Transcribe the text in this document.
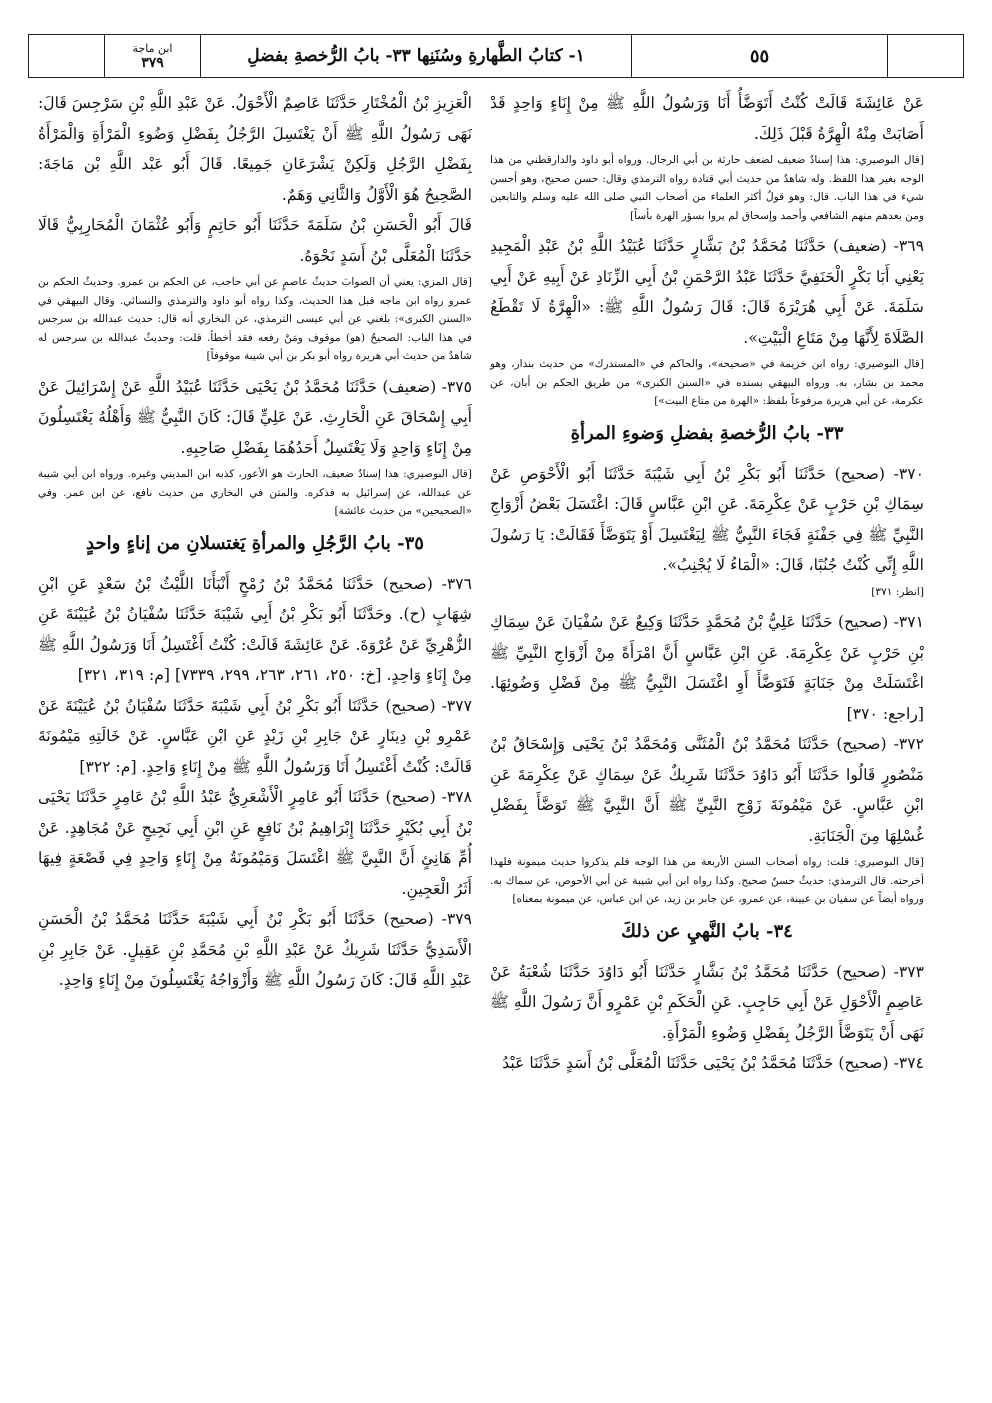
ابن ماجة
٣٧٩	١- كتابُ الطَّهارةِ وسُنَنِها ٣٣- بابُ الرُّخصةِ بفضلِ	٥٥

عَنْ عَائِشَةَ قَالَتْ كُنْتُ أَتَوَضَّأُ أَنَا وَرَسُولُ اللَّهِ ﷺ مِنْ إِنَاءٍ وَاحِدٍ قَدْ أَصَابَتْ مِنْهُ الْهِرَّةُ قَبْلَ ذَلِكَ.

[قال البوصيري: هذا إسنادٌ ضعيف لضعف حارثة بن أبي الرجال. ورواه أبو داود والدارقطني من هذا الوجه بغير هذا اللفظ. وله شاهدٌ من حديث أبي قتادة رواه الترمذي وقال: حسن صحيح، وهو أحسن شيء في هذا الباب. قال: وهو قولُ أكثر العلماء من أصحاب النبي صلى الله عليه وسلم والتابعين ومن بعدهم منهم الشافعي وأحمد وإسحاق لم يروا بسؤر الهرة بأساً]

٣٦٩- (ضعيف) حَدَّثَنَا مُحَمَّدُ بْنُ بَشَّارٍ حَدَّثَنَا عُبَيْدُ اللَّهِ بْنُ عَبْدِ الْمَجِيدِ يَعْنِي أَبَا بَكْرٍ الْحَنَفِيَّ حَدَّثَنَا عَبْدُ الرَّحْمَنِ بْنُ أَبِي الزِّنَادِ عَنْ أَبِيهِ عَنْ أَبِي سَلَمَةَ. عَنْ أَبِي هُرَيْرَةَ قَالَ: قَالَ رَسُولُ اللَّهِ ﷺ: «الْهِرَّةُ لَا تَقْطَعُ الصَّلَاةَ لِأَنَّهَا مِنْ مَتَاعِ الْبَيْتِ».

[قال البوصيري: رواه ابن خزيمة في «صحيحه»، والحاكم في «المستدرك» من حديث بندار، وهو محمد بن بشار، به. ورواه البيهقي بسنده في «السنن الكبرى» من طريق الحكم بن أبان، عن عكرمة، عن أبي هريرة مرفوعاً بلفظ: «الهرة من متاع البيت»]

٣٣- بابُ الرُّخصةِ بفضلِ وَضوءِ المرأةِ

٣٧٠- (صحيح) حَدَّثَنَا أَبُو بَكْرِ بْنُ أَبِي شَيْبَةَ حَدَّثَنَا أَبُو الْأَحْوَصِ عَنْ سِمَاكِ بْنِ حَرْبٍ عَنْ عِكْرِمَةَ. عَنِ ابْنِ عَبَّاسٍ قَالَ: اغْتَسَلَ بَعْضُ أَزْوَاجِ النَّبِيِّ ﷺ فِي جَفْنَةٍ فَجَاءَ النَّبِيُّ ﷺ لِيَغْتَسِلَ أَوْ يَتَوَضَّأَ فَقَالَتْ: يَا رَسُولَ اللَّهِ إِنِّي كُنْتُ جُنُبًا، قَالَ: «الْمَاءُ لَا يُجْنِبُ».

[انظر: ٣٧١]

٣٧١- (صحيح) حَدَّثَنَا عَلِيُّ بْنُ مُحَمَّدٍ حَدَّثَنَا وَكِيعٌ عَنْ سُفْيَانَ عَنْ سِمَاكِ بْنِ حَرْبٍ عَنْ عِكْرِمَةَ. عَنِ ابْنِ عَبَّاسٍ أَنَّ امْرَأَةً مِنْ أَزْوَاجِ النَّبِيِّ ﷺ اغْتَسَلَتْ مِنْ جَنَابَةٍ فَتَوَضَّأَ أَوِ اغْتَسَلَ النَّبِيُّ ﷺ مِنْ فَضْلِ وَضُوئِهَا. [راجع: ٣٧٠]

٣٧٢- (صحيح) حَدَّثَنَا مُحَمَّدُ بْنُ الْمُثَنَّى وَمُحَمَّدُ بْنُ يَحْيَى وَإِسْحَاقُ بْنُ مَنْصُورٍ قَالُوا حَدَّثَنَا أَبُو دَاوُدَ حَدَّثَنَا شَرِيكٌ عَنْ سِمَاكٍ عَنْ عِكْرِمَةَ عَنِ ابْنِ عَبَّاسٍ. عَنْ مَيْمُونَةَ زَوْجِ النَّبِيِّ ﷺ أَنَّ النَّبِيَّ ﷺ تَوَضَّأَ بِفَضْلِ غُسْلِهَا مِنَ الْجَنَابَةِ.

[قال البوصيري: قلت: رواه أصحاب السنن الأربعة من هذا الوجه فلم يذكروا حديث ميمونة فلهذا أخرجته. قال الترمذي: حديثٌ حسنٌ صحيح. وكذا رواه ابن أبي شيبة عن أبي الأحوص، عن سماك به. ورواه أيضاً عن سفيان بن عيينة، عن عمرو، عن جابر بن زيد، عن ابن عباس، عن ميمونة بمعناه]

٣٤- بابُ النَّهيِ عن ذلكَ

٣٧٣- (صحيح) حَدَّثَنَا مُحَمَّدُ بْنُ بَشَّارٍ حَدَّثَنَا أَبُو دَاوُدَ حَدَّثَنَا شُعْبَةُ عَنْ عَاصِمٍ الْأَحْوَلِ عَنْ أَبِي حَاجِبٍ. عَنِ الْحَكَمِ بْنِ عَمْرٍو أَنَّ رَسُولَ اللَّهِ ﷺ نَهَى أَنْ يَتَوَضَّأَ الرَّجُلُ بِفَضْلِ وَضُوءِ الْمَرْأَةِ.

٣٧٤- (صحيح) حَدَّثَنَا مُحَمَّدُ بْنُ يَحْيَى حَدَّثَنَا الْمُعَلَّى بْنُ أَسَدٍ حَدَّثَنَا عَبْدُ

الْعَزِيزِ بْنُ الْمُخْتَارِ حَدَّثَنَا عَاصِمٌ الْأَحْوَلُ. عَنْ عَبْدِ اللَّهِ بْنِ سَرْجِسَ قَالَ: نَهَى رَسُولُ اللَّهِ ﷺ أَنْ يَغْتَسِلَ الرَّجُلُ بِفَضْلِ وَضُوءِ الْمَرْأَةِ وَالْمَرْأَةُ بِفَضْلِ الرَّجُلِ وَلَكِنْ يَشْرَعَانِ جَمِيعًا. قَالَ أَبُو عَبْد اللَّهِ بْن مَاجَةَ: الصَّحِيحُ هُوَ الْأَوَّلُ وَالثَّانِي وَهَمٌ.

قَالَ أَبُو الْحَسَنِ بْنُ سَلَمَةَ حَدَّثَنَا أَبُو حَاتِمٍ وَأَبُو عُثْمَانَ الْمُحَارِبِيُّ قَالَا حَدَّثَنَا الْمُعَلَّى بْنُ أَسَدٍ نَحْوَهُ.

[قال المزي: يعني أن الصوابَ حديثُ عاصمٍ عن أبي حاجب، عن الحكم بن عمرو. وحديثُ الحكم بن عمرو رواه ابن ماجه قبل هذا الحديث، وكذا رواه أبو داود والترمذي والنسائي. وقال البيهقي في «السنن الكبرى»: بلغني عن أبي عيسى الترمذي، عن البخاري أنه قال: حديث عبدالله بن سرجس في هذا الباب: الصحيحُ (هو) موقوف ومَنْ رفعه فقد أخطأ. قلت: وحديثُ عبدالله بن سرجس له شاهدٌ من حديث أبي هريرة رواه أبو بكر بن أبي شيبة موقوفاً]

٣٧٥- (ضعيف) حَدَّثَنَا مُحَمَّدُ بْنُ يَحْيَى حَدَّثَنَا عُبَيْدُ اللَّهِ عَنْ إِسْرَائِيلَ عَنْ أَبِي إِسْحَاقَ عَنِ الْحَارِثِ. عَنْ عَلِيٍّ قَالَ: كَانَ النَّبِيُّ ﷺ وَأَهْلُهُ يَغْتَسِلُونَ مِنْ إِنَاءٍ وَاحِدٍ وَلَا يَغْتَسِلُ أَحَدُهُمَا بِفَضْلِ صَاحِبِهِ.

[قال البوصيري: هذا إسنادٌ ضعيف، الحارث هو الأعور، كذبه ابن المديني وغيره. ورواه ابن أبي شيبة عن عبدالله، عن إسرائيل به فذكره. والمتن في البخاري من حديث نافع، عن ابن عمر. وفي «الصحيحين» من حديث عائشة]

٣٥- بابُ الرَّجُلِ والمرأةِ يَغتسلانِ من إناءٍ واحدٍ

٣٧٦- (صحيح) حَدَّثَنَا مُحَمَّدُ بْنُ رُمْحٍ أَنْبَأَنَا اللَّيْثُ بْنُ سَعْدٍ عَنِ ابْنِ شِهَابٍ (ح). وحَدَّثَنَا أَبُو بَكْرِ بْنُ أَبِي شَيْبَةَ حَدَّثَنَا سُفْيَانُ بْنُ عُيَيْنَةَ عَنِ الزُّهْرِيِّ عَنْ عُرْوَةَ. عَنْ عَائِشَةَ قَالَتْ: كُنْتُ أَغْتَسِلُ أَنَا وَرَسُولُ اللَّهِ ﷺ مِنْ إِنَاءٍ وَاحِدٍ. [خ: ٢٥٠، ٢٦١، ٢٦٣، ٢٩٩، ٧٣٣٩] [م: ٣١٩، ٣٢١]

٣٧٧- (صحيح) حَدَّثَنَا أَبُو بَكْرِ بْنُ أَبِي شَيْبَةَ حَدَّثَنَا سُفْيَانُ بْنُ عُيَيْنَةَ عَنْ عَمْرِو بْنِ دِينَارٍ عَنْ جَابِرِ بْنِ زَيْدٍ عَنِ ابْنِ عَبَّاسٍ. عَنْ خَالَتِهِ مَيْمُونَةَ قَالَتْ: كُنْتُ أَغْتَسِلُ أَنَا وَرَسُولُ اللَّهِ ﷺ مِنْ إِنَاءٍ وَاحِدٍ. [م: ٣٢٢]

٣٧٨- (صحيح) حَدَّثَنَا أَبُو عَامِرٍ الْأَشْعَرِيُّ عَبْدُ اللَّهِ بْنُ عَامِرٍ حَدَّثَنَا يَحْيَى بْنُ أَبِي بُكَيْرٍ حَدَّثَنَا إِبْرَاهِيمُ بْنُ نَافِعٍ عَنِ ابْنِ أَبِي نَجِيحٍ عَنْ مُجَاهِدٍ. عَنْ أُمِّ هَانِئٍ أَنَّ النَّبِيَّ ﷺ اغْتَسَلَ وَمَيْمُونَةُ مِنْ إِنَاءٍ وَاحِدٍ فِي قَصْعَةٍ فِيهَا أَثَرُ الْعَجِينِ.

٣٧٩- (صحيح) حَدَّثَنَا أَبُو بَكْرِ بْنُ أَبِي شَيْبَةَ حَدَّثَنَا مُحَمَّدُ بْنُ الْحَسَنِ الْأَسَدِيُّ حَدَّثَنَا شَرِيكٌ عَنْ عَبْدِ اللَّهِ بْنِ مُحَمَّدِ بْنِ عَقِيلٍ. عَنْ جَابِرِ بْنِ عَبْدِ اللَّهِ قَالَ: كَانَ رَسُولُ اللَّهِ ﷺ وَأَزْوَاجُهُ يَغْتَسِلُونَ مِنْ إِنَاءٍ وَاحِدٍ.
